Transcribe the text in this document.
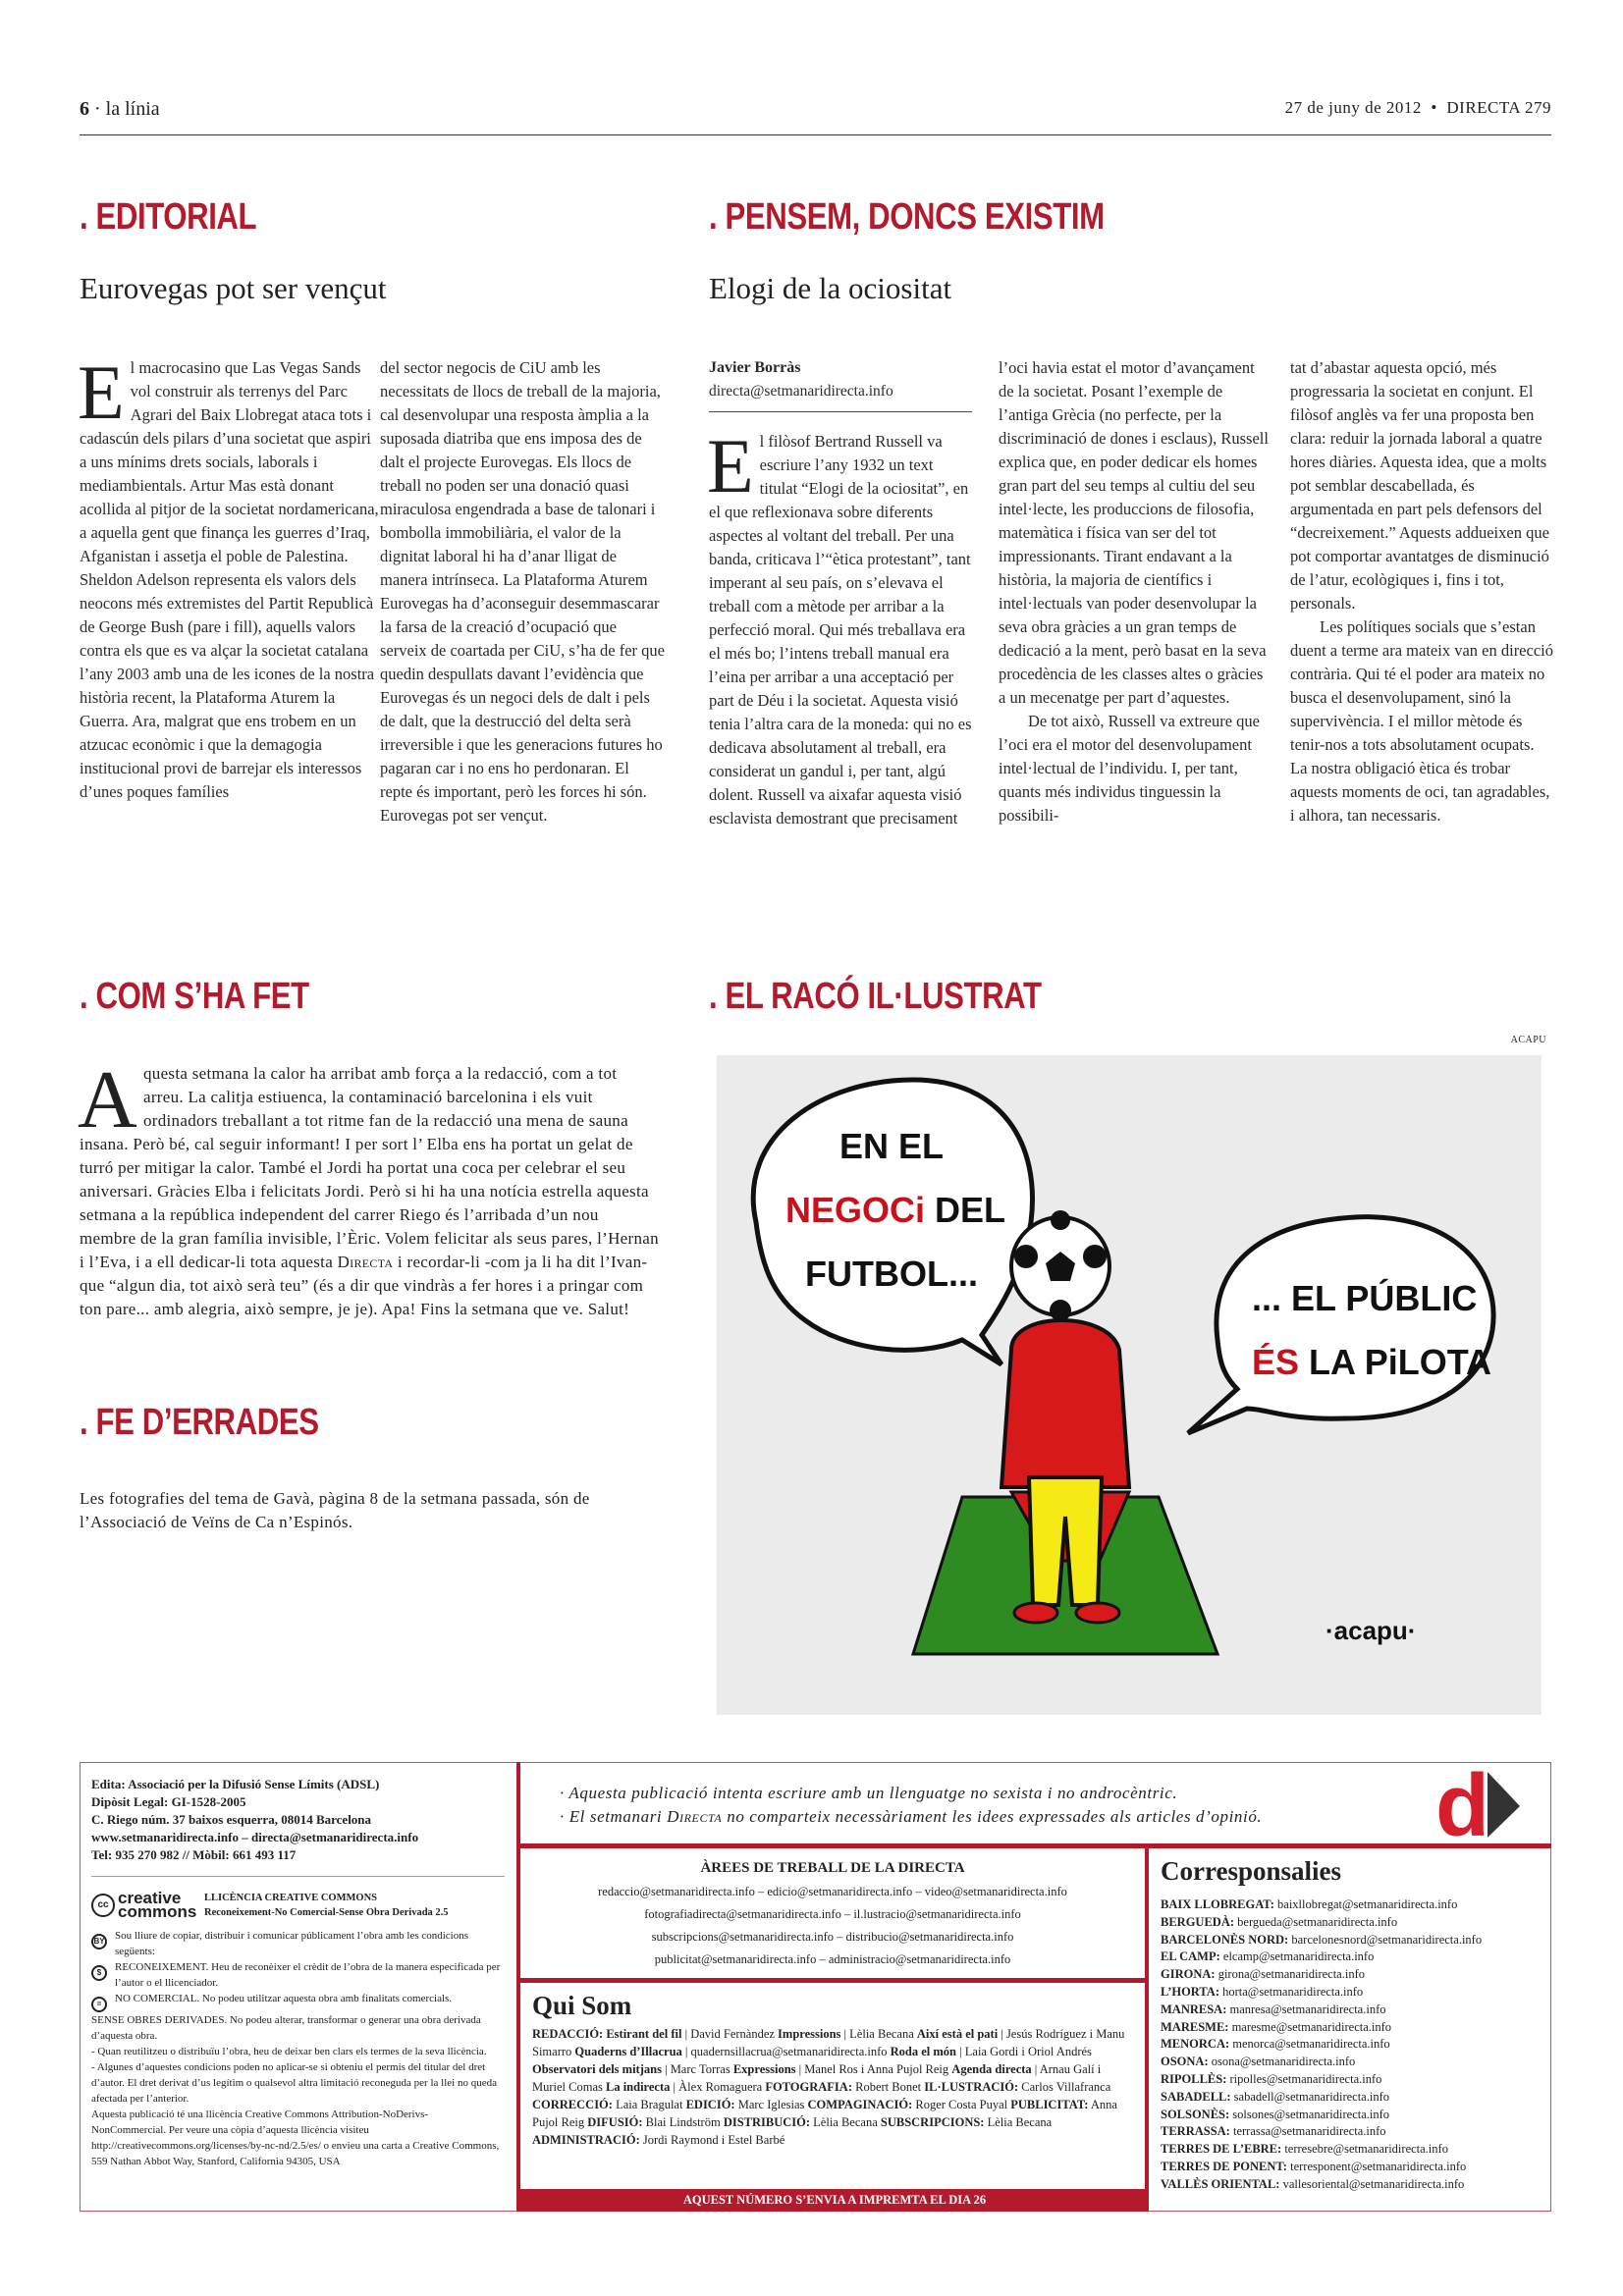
6 · la línia	27 de juny de 2012  •  DIRECTA 279
. EDITORIAL
Eurovegas pot ser vençut
El macrocasino que Las Vegas Sands vol construir als terrenys del Parc Agrari del Baix Llobregat ataca tots i cadascún dels pilars d’una societat que aspiri a uns mínims drets socials, laborals i mediambientals. Artur Mas està donant acollida al pitjor de la societat nordamericana, a aquella gent que finança les guerres d’Iraq, Afganistan i assetja el poble de Palestina. Sheldon Adelson representa els valors dels neocons més extremistes del Partit Republicà de George Bush (pare i fill), aquells valors contra els que es va alçar la societat catalana l’any 2003 amb una de les icones de la nostra història recent, la Plataforma Aturem la Guerra. Ara, malgrat que ens trobem en un atzucac econòmic i que la demagogia institucional provi de barrejar els interessos d’unes poques famílies
del sector negocis de CiU amb les necessitats de llocs de treball de la majoria, cal desenvolupar una resposta àmplia a la suposada diatriba que ens imposa des de dalt el projecte Eurovegas. Els llocs de treball no poden ser una donació quasi miraculosa engendrada a base de talonari i bombolla immobiliària, el valor de la dignitat laboral hi ha d’anar lligat de manera intrínseca. La Plataforma Aturem Eurovegas ha d’aconseguir desemmascarar la farsa de la creació d’ocupació que serveix de coartada per CiU, s’ha de fer que quedin despullats davant l’evidència que Eurovegas és un negoci dels de dalt i pels de dalt, que la destrucció del delta serà irreversible i que les generacions futures ho pagaran car i no ens ho perdonaran. El repte és important, però les forces hi són. Eurovegas pot ser vençut.
. PENSEM, DONCS EXISTIM
Elogi de la ociositat
Javier Borràs
directa@setmanaridirecta.info
E l filòsof Bertrand Russell va escriure l’any 1932 un text titulat “Elogi de la ociositat”, en el que reflexionava sobre diferents aspectes al voltant del treball. Per una banda, criticava l’“ètica protestant”, tant imperant al seu país, on s’elevava el treball com a mètode per arribar a la perfecció moral. Qui més treballava era el més bo; l’intens treball manual era l’eina per arribar a una acceptació per part de Déu i la societat. Aquesta visió tenia l’altra cara de la moneda: qui no es dedicava absolutament al treball, era considerat un gandul i, per tant, algú dolent. Russell va aixafar aquesta visió esclavista demostrant que precisament

l’oci havia estat el motor d’avançament de la societat. Posant l’exemple de l’antiga Grècia (no perfecte, per la discriminació de dones i esclaus), Russell explica que, en poder dedicar els homes gran part del seu temps al cultiu del seu intel·lecte, les produccions de filosofia, matemàtica i física van ser del tot impressionants. Tirant endavant a la història, la majoria de científics i intel·lectuals van poder desenvolupar la seva obra gràcies a un gran temps de dedicació a la ment, però basat en la seva procedència de les classes altes o gràcies a un mecenatge per part d’aquestes.

De tot això, Russell va extreure que l’oci era el motor del desenvolupament intel·lectual de l’individu. I, per tant, quants més individus tinguessin la possibili-

tat d’abastar aquesta opció, més progressaria la societat en conjunt. El filòsof anglès va fer una proposta ben clara: reduir la jornada laboral a quatre hores diàries. Aquesta idea, que a molts pot semblar descabellada, és argumentada en part pels defensors del “decreixement.” Aquests addueixen que pot comportar avantatges de disminució de l’atur, ecològiques i, fins i tot, personals.

Les polítiques socials que s’estan duent a terme ara mateix van en direcció contrària. Qui té el poder ara mateix no busca el desenvolupament, sinó la supervivència. I el millor mètode és tenir-nos a tots absolutament ocupats. La nostra obligació ètica és trobar aquests moments de oci, tan agradables, i alhora, tan necessaris.

. COM S’HA FET
Aquesta setmana la calor ha arribat amb força a la redacció, com a tot arreu. La calitja estiuenca, la contaminació barcelonina i els vuit ordinadors treballant a tot ritme fan de la redacció una mena de sauna insana. Però bé, cal seguir informant! I per sort l’ Elba ens ha portat un gelat de turró per mitigar la calor. També el Jordi ha portat una coca per celebrar el seu aniversari. Gràcies Elba i felicitats Jordi. Però si hi ha una notícia estrella aquesta setmana a la república independent del carrer Riego és l’arribada d’un nou membre de la gran família invisible, l’Èric. Volem felicitar als seus pares, l’Hernan i l’Eva, i a ell dedicar-li tota aquesta Directa i recordar-li -com ja li ha dit l’Ivan- que “algun dia, tot això serà teu” (és a dir que vindràs a fer hores i a pringar com ton pare... amb alegria, això sempre, je je). Apa! Fins la setmana que ve. Salut!
. FE D’ERRADES
Les fotografies del tema de Gavà, pàgina 8 de la setmana passada, són de l’Associació de Veïns de Ca n’Espinós.
. EL RACÓ IL·LUSTRAT
ACAPU
EN EL
NEGOCi DEL
FUTBOL...
... EL PÚBLIC
ÉS LA PiLOTA
·acapu·
Edita: Associació per la Difusió Sense Límits (ADSL)
Dipòsit Legal: GI-1528-2005
C. Riego núm. 37 baixos esquerra, 08014 Barcelona
www.setmanaridirecta.info – directa@setmanaridirecta.info
Tel: 935 270 982 // Mòbil: 661 493 117
cc creative commons
LLICÈNCIA CREATIVE COMMONS
Reconeixement-No Comercial-Sense Obra Derivada 2.5
BY Sou lliure de copiar, distribuir i comunicar públicament l’obra amb les condicions següents:
$	RECONEIXEMENT. Heu de reconèixer el crèdit de l’obra de la manera especificada per l’autor o el llicenciador.
=	NO COMERCIAL. No podeu utilitzar aquesta obra amb finalitats comercials.
SENSE OBRES DERIVADES. No podeu alterar, transformar o generar una obra derivada d’aquesta obra.
- Quan reutilitzeu o distribuïu l’obra, heu de deixar ben clars els termes de la seva llicència.
- Algunes d’aquestes condicions poden no aplicar-se si obteniu el permís del titular del dret d’autor. El dret derivat d’us legítim o qualsevol altra limitació reconeguda per la llei no queda afectada per l’anterior.
Aquesta publicació té una llicència Creative Commons Attribution-NoDerivs- NonCommercial. Per veure una còpia d’aquesta llicència visiteu http://creativecommons.org/licenses/by-nc-nd/2.5/es/ o envieu una carta a Creative Commons, 559 Nathan Abbot Way, Stanford, California 94305, USA
· Aquesta publicació intenta escriure amb un llenguatge no sexista i no androcèntric.
· El setmanari Directa no comparteix necessàriament les idees expressades als articles d’opinió.	d
ÀREES DE TREBALL DE LA DIRECTA
redaccio@setmanaridirecta.info – edicio@setmanaridirecta.info – video@setmanaridirecta.info
fotografiadirecta@setmanaridirecta.info – il.lustracio@setmanaridirecta.info
subscripcions@setmanaridirecta.info – distribucio@setmanaridirecta.info
publicitat@setmanaridirecta.info – administracio@setmanaridirecta.info
Qui Som

REDACCIÓ: Estirant del fil | David Fernàndez Impressions | Lèlia Becana Així està el pati | Jesús Rodríguez i Manu Simarro Quaderns d’Illacrua | quadernsillacrua@setmanaridirecta.info Roda el món | Laia Gordi i Oriol Andrés Observatori dels mitjans | Marc Torras Expressions | Manel Ros i Anna Pujol Reig Agenda directa | Arnau Galí i Muriel Comas La indirecta | Àlex Romaguera FOTOGRAFIA: Robert Bonet IL·LUSTRACIÓ: Carlos Villafranca CORRECCIÓ: Laia Bragulat EDICIÓ: Marc Iglesias COMPAGINACIÓ: Roger Costa Puyal PUBLICITAT: Anna Pujol Reig DIFUSIÓ: Blai Lindström DISTRIBUCIÓ: Lèlia Becana SUBSCRIPCIONS: Lèlia Becana ADMINISTRACIÓ: Jordi Raymond i Estel Barbé

AQUEST NÚMERO S’ENVIA A IMPREMTA EL DIA 26
Corresponsalies
BAIX LLOBREGAT: baixllobregat@setmanaridirecta.info
BERGUEDÀ: bergueda@setmanaridirecta.info
BARCELONÈS NORD: barcelonesnord@setmanaridirecta.info
EL CAMP: elcamp@setmanaridirecta.info
GIRONA: girona@setmanaridirecta.info
L’HORTA: horta@setmanaridirecta.info
MANRESA: manresa@setmanaridirecta.info
MARESME: maresme@setmanaridirecta.info
MENORCA: menorca@setmanaridirecta.info
OSONA: osona@setmanaridirecta.info
RIPOLLÈS: ripolles@setmanaridirecta.info
SABADELL: sabadell@setmanaridirecta.info
SOLSONÈS: solsones@setmanaridirecta.info
TERRASSA: terrassa@setmanaridirecta.info
TERRES DE L’EBRE: terresebre@setmanaridirecta.info
TERRES DE PONENT: terresponent@setmanaridirecta.info
VALLÈS ORIENTAL: vallesoriental@setmanaridirecta.info
